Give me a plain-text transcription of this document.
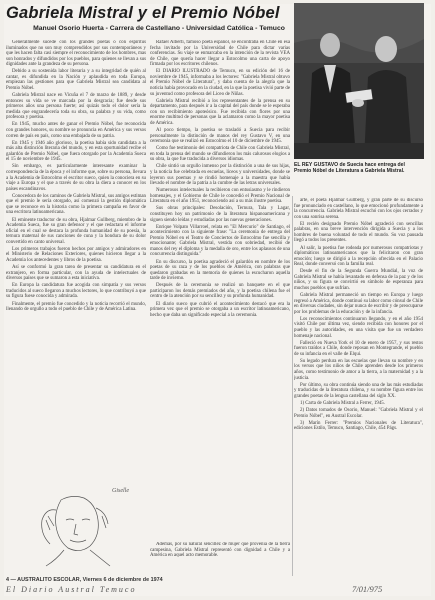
Gabriela Mistral y el Premio Nóbel
Manuel Osorio Huerta - Carrera de Castellano - Universidad Católica - Temuco

Generalmente sucede con los grandes poetas o con espíritus iluminados que no son muy comprendidos por sus contemporáneos y que les hacen falta casi siempre el reconocimiento de los hombres, mas son honrados y difundidos por los pueblos, para quienes se llevan a sus dignidades ante la grandeza de su persona.

Debido a su sostenida labor literaria y a su integridad de quién al cantar, es difundida en la Nación y aplaudida en toda Europa, empiezan las gestiones para que Gabriela Mistral sea candidata al Premio Nóbel.

Gabriela Mistral nace en Vicuña el 7 de marzo de 1889, y desde entonces su vida se ve marcada por la desgracia; fue desde sus primeros años una persona fuerte; así quizás todo el dolor sería la medida que engrandecería toda su obra, su palabra y su vida, como profesora y poetisa.

En 1945, mucho antes de ganar el Premio Nóbel, fue reconocida con grandes honores, su nombre se pronuncia en América y sus versos corren de país en país, como una embajada de su patria.

En 1945 y 1946 año glorioso, la poetisa había sido candidata a la más alta distinción literaria del mundo, y en esta oportunidad recibe el galardón de Premio Nóbel, que fuera otorgado por la Academia Sueca el 15 de noviembre de 1945.

Sin embargo, es particularmente interesante examinar la correspondencia de la época y el informe que, sobre su persona, llevara a la Academia de Estocolmo el escritor sueco, quien la conociera en su viaje a Europa y el que a través de su obra la diera a conocer en los países escandinavos.

Conocedora de los caminos de Gabriela Mistral, sus amigos estiman que el premio le sería otorgado, así comenzó la gestión diplomática que se reconoce en la historia como la primera campaña en favor de una escritora latinoamericana.

El eminente traductor de su obra, Hjalmar Gullberg, miembro de la Academia Sueca, fue su gran defensor y el que redactara el informe oficial en el cual se destaca la profunda humanidad de su poesía, la ternura maternal de sus canciones de cuna y la hondura de su dolor convertido en canto universal.

Los primeros trabajos fueron hechos por amigos y admiradores en el Ministerio de Relaciones Exteriores, quienes hicieron llegar a la Academia los antecedentes y libros de la poetisa.

Así se conformó la gran tarea de presentar su candidatura en el extranjero, en forma particular, con la ayuda de intelectuales de diversos países que se sumaron a esta iniciativa.

En Europa la candidatura fue acogida con simpatía y sus versos traducidos al sueco llegaron a muchos lectores, lo que contribuyó a que su figura fuese conocida y admirada.

Finalmente, el premio fue concedido y la noticia recorrió el mundo, llenando de orgullo a todo el pueblo de Chile y de América Latina.

Rafael Alberti, famoso poeta español, se encontraba en Chile en esa fecha invitado por la Universidad de Chile para dictar varias conferencias. Su viaje se enmarcaba en la intención de la revista VEA de Chile, que quería hacer llegar a Estocolmo una carta de apoyo firmada por los escritores chilenos.

El DIARIO ILUSTRADO de Temuco, en su edición del 16 de noviembre de 1945, informaba a los lectores: "Gabriela Mistral obtuvo el Premio Nóbel de Literatura", y daba cuenta de la alegría que la noticia había provocado en la ciudad, en la que la poetisa vivió parte de su juventud como profesora del Liceo de Niñas.

Gabriela Mistral recibió a los representantes de la prensa en su departamento, para después ir a la capital del país donde se le esperaba con un recibimiento apoteósico. Fue recibida con flores por una enorme multitud de personas que la aclamaron como la mayor poetisa de América.

Al poco tiempo, la poetisa se trasladó a Suecia para recibir personalmente la distinción de manos del rey Gustavo V, en una ceremonia que se realizó en Estocolmo el 10 de diciembre de 1945.

Como fue testimonio del compatriota de Chile con Gabriela Mistral, en toda la prensa del mundo se difundieron los más calurosos elogios a su obra, la que fue traducida a diversos idiomas.

Chile sintió un orgullo inmenso por la distinción a una de sus hijas, y la noticia fue celebrada en escuelas, liceos y universidades, donde se leyeron sus poemas y se rindió homenaje a la maestra que había llevado el nombre de la patria a la cumbre de las letras universales.

Numerosos intelectuales la recibieron con entusiasmo y le rindieron homenajes, y el Gobierno de Chile le concedió el Premio Nacional de Literatura en el año 1951, reconociendo así a su más ilustre poetisa.

Sus obras principales: Desolación, Ternura, Tala y Lagar, constituyen hoy un patrimonio de la literatura hispanoamericana y siguen siendo leídas y estudiadas por las nuevas generaciones.

Enrique Volpato Villarroel, relata en "El Mercurio" de Santiago, el acontecimiento con la siguiente frase: "La ceremonia de entrega del Premio Nóbel en el Teatro de Conciertos de Estocolmo fue sencilla y emocionante; Gabriela Mistral, vestida con sobriedad, recibió de manos del rey el diploma y la medalla de oro, entre los aplausos de una concurrencia distinguida."

En su discurso, la poetisa agradeció el galardón en nombre de los poetas de su raza y de los pueblos de América, con palabras que quedaron grabadas en la memoria de quienes la escucharon aquella tarde de invierno.

Después de la ceremonia se realizó un banquete en el que participaron los demás premiados del año, y la poetisa chilena fue el centro de la atención por su sencillez y su profunda humanidad.

El diario sueco que cubrió el acontecimiento destacó que era la primera vez que el premio se otorgaba a un escritor latinoamericano, hecho que daba un significado especial a la ceremonia.

Además, por su natural sencillez de mujer que provenía de la tierra campesina, Gabriela Mistral representó con dignidad a Chile y a América en aquel acto memorable.

EL REY GUSTAVO de Suecia hace entrega del Premio Nóbel de Literatura a Gabriela Mistral.

arte, el poeta Hjalmar Gullberg, y gran parte de su discurso fue pronunciado en castellano, lo que emocionó profundamente a la concurrencia. Gabriela Mistral escuchó con los ojos cerrados y con una sonrisa serena.

El recién designado Premio Nóbel agradeció con sencillas palabras, en una breve intervención dirigida a Suecia y a los hombres de buena voluntad de todo el mundo. Su voz pausada llegó a todos los presentes.

Al salir, la poetisa fue rodeada por numerosos compatriotas y diplomáticos latinoamericanos que la felicitaron con gran emoción; luego se dirigió a la recepción ofrecida en el Palacio Real, donde conversó con la familia real.

Desde el fin de la Segunda Guerra Mundial, la voz de Gabriela Mistral se había levantado en defensa de la paz y de los niños, y su figura se convirtió en símbolo de esperanza para muchos pueblos que sufrían.

Gabriela Mistral permaneció un tiempo en Europa y luego regresó a América, donde continuó su labor como cónsul de Chile en diversas ciudades, sin dejar nunca de escribir y de preocuparse por los problemas de la educación y de la infancia.

Los reconocimientos continuaron llegando, y en el año 1954 visitó Chile por última vez, siendo recibida con honores por el pueblo y las autoridades, en una visita que fue un verdadero homenaje nacional.

Falleció en Nueva York el 10 de enero de 1957, y sus restos fueron traídos a Chile, donde reposan en Montegrande, el pueblo de su infancia en el valle de Elqui.

Su legado perdura en las escuelas que llevan su nombre y en los versos que los niños de Chile aprenden desde los primeros años, como testimonio de amor a la tierra, a la maternidad y a la justicia.

Por último, su obra continúa siendo una de las más estudiadas y traducidas de la literatura chilena, y su nombre figura entre los grandes poetas de la lengua castellana del siglo XX.

1) Carta de Gabriela Mistral a Ferrer, 1945.

2) Datos tomados de Osorio, Manuel: "Gabriela Mistral y el Premio Nóbel", en Austral Escolar.

3) Marín Ferrer: "Premios Nacionales de Literatura", ediciones Estilo, Temuco, Santiago, Chile, 454 Págs.

Giselle
4 — AUSTRALITO ESCOLAR, Viernes 6 de diciembre de 1974
El Diario Austral Temuco	7/01/975
